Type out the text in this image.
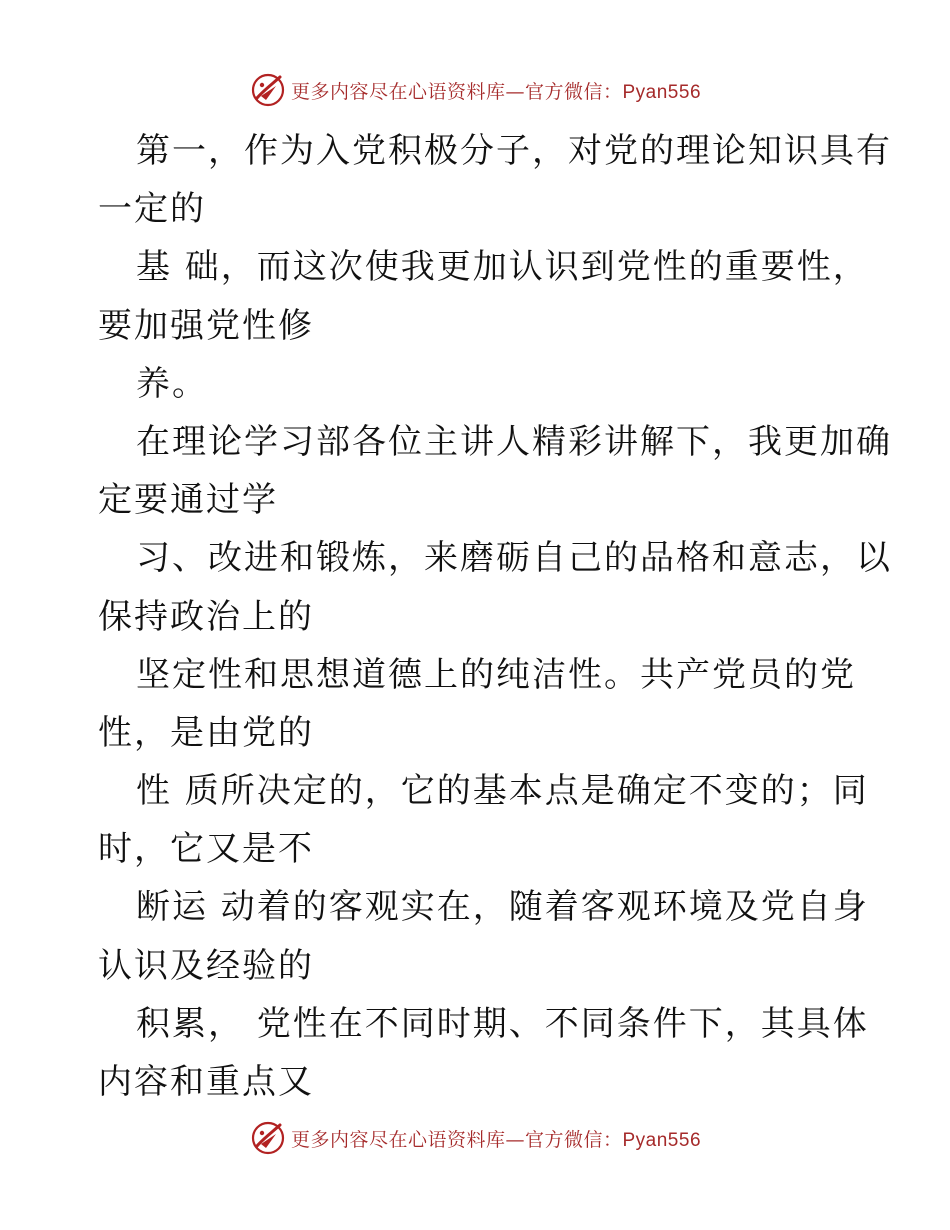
更多内容尽在心语资料库—官方微信：Pyan556
第一，作为入党积极分子，对党的理论知识具有
一定的
基 础，而这次使我更加认识到党性的重要性，
要加强党性修
养。
在理论学习部各位主讲人精彩讲解下，我更加确
定要通过学
习、改进和锻炼，来磨砺自己的品格和意志，以
保持政治上的
坚定性和思想道德上的纯洁性。共产党员的党
性，是由党的
性 质所决定的，它的基本点是确定不变的；同
时，它又是不
断运 动着的客观实在，随着客观环境及党自身
认识及经验的
积累， 党性在不同时期、不同条件下，其具体
内容和重点又
更多内容尽在心语资料库—官方微信：Pyan556
